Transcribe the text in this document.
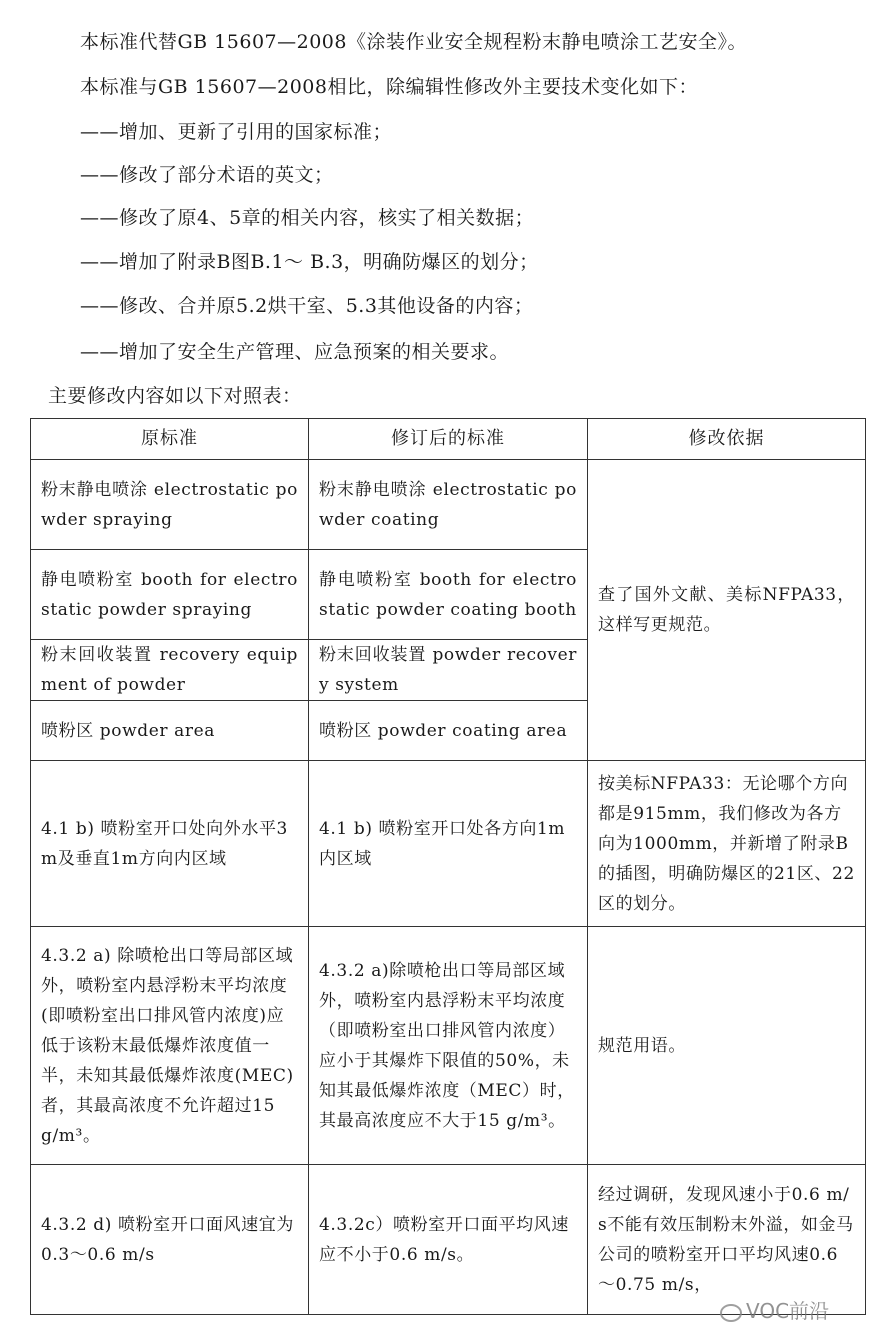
本标准代替GB 15607—2008《涂装作业安全规程粉末静电喷涂工艺安全》。
本标准与GB 15607—2008相比，除编辑性修改外主要技术变化如下：
——增加、更新了引用的国家标准；
——修改了部分术语的英文；
——修改了原4、5章的相关内容，核实了相关数据；
——增加了附录B图B.1～ B.3，明确防爆区的划分；
——修改、合并原5.2烘干室、5.3其他设备的内容；
——增加了安全生产管理、应急预案的相关要求。
主要修改内容如以下对照表：
原标准	修订后的标准	修改依据
粉末静电喷涂 electrostatic powder spraying	粉末静电喷涂 electrostatic powder coating	查了国外文献、美标NFPA33，这样写更规范。
静电喷粉室 booth for electrostatic powder spraying	静电喷粉室 booth for electrostatic powder coating booth	
粉末回收装置 recovery equipment of powder	粉末回收装置 powder recovery system	
喷粉区 powder area	喷粉区 powder coating area	
4.1 b) 喷粉室开口处向外水平3m及垂直1m方向内区域	4.1 b) 喷粉室开口处各方向1m内区域	按美标NFPA33：无论哪个方向都是915mm，我们修改为各方向为1000mm，并新增了附录B的插图，明确防爆区的21区、22区的划分。
4.3.2 a) 除喷枪出口等局部区域外，喷粉室内悬浮粉末平均浓度(即喷粉室出口排风管内浓度)应低于该粉末最低爆炸浓度值一半，未知其最低爆炸浓度(MEC)者，其最高浓度不允许超过15 g/m³。	4.3.2 a)除喷枪出口等局部区域外，喷粉室内悬浮粉末平均浓度（即喷粉室出口排风管内浓度）应小于其爆炸下限值的50%，未知其最低爆炸浓度（MEC）时，其最高浓度应不大于15 g/m³。	规范用语。
4.3.2 d) 喷粉室开口面风速宜为0.3～0.6 m/s	4.3.2c）喷粉室开口面平均风速应不小于0.6 m/s。	经过调研，发现风速小于0.6 m/s不能有效压制粉末外溢，如金马公司的喷粉室开口平均风速0.6～0.75 m/s，
VOC前沿
